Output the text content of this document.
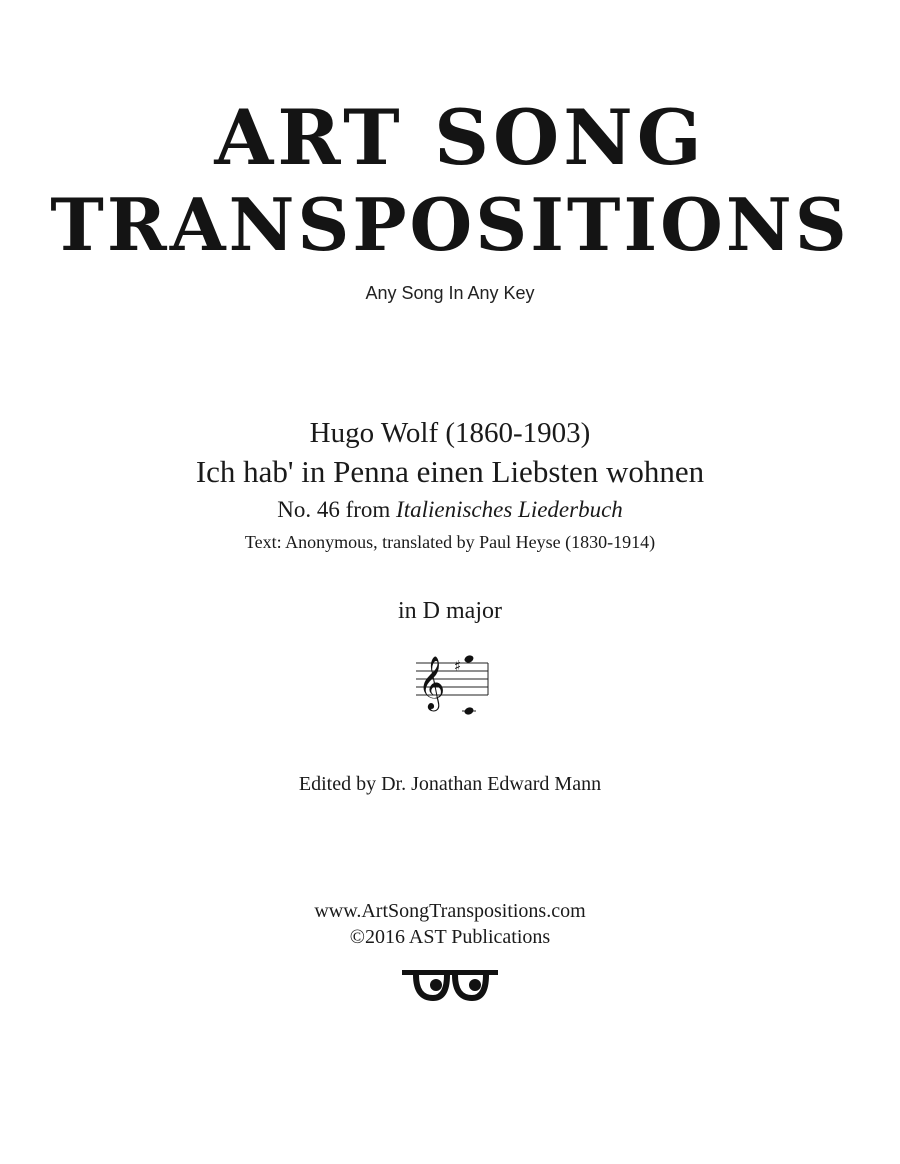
ART SONG
TRANSPOSITIONS
Any Song In Any Key
Hugo Wolf (1860-1903)
Ich hab' in Penna einen Liebsten wohnen
No. 46 from Italienisches Liederbuch
Text: Anonymous, translated by Paul Heyse (1830-1914)
in D major
𝄞 ♯
Edited by Dr. Jonathan Edward Mann
www.ArtSongTranspositions.com
©2016 AST Publications
